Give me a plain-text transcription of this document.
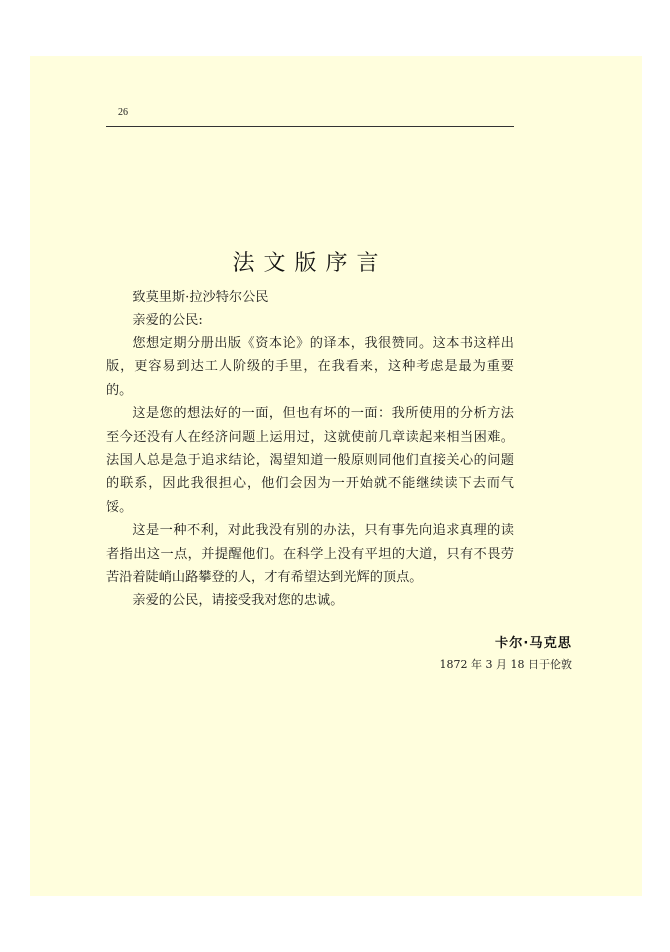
26
法文版序言

致莫里斯·拉沙特尔公民

亲爱的公民:

您想定期分册出版《资本论》的译本，我很赞同。这本书这样出版，更容易到达工人阶级的手里，在我看来，这种考虑是最为重要的。

这是您的想法好的一面，但也有坏的一面：我所使用的分析方法至今还没有人在经济问题上运用过，这就使前几章读起来相当困难。法国人总是急于追求结论，渴望知道一般原则同他们直接关心的问题的联系，因此我很担心，他们会因为一开始就不能继续读下去而气馁。

这是一种不利，对此我没有别的办法，只有事先向追求真理的读者指出这一点，并提醒他们。在科学上没有平坦的大道，只有不畏劳苦沿着陡峭山路攀登的人，才有希望达到光辉的顶点。

亲爱的公民，请接受我对您的忠诚。

卡尔·马克思
1872 年 3 月 18 日于伦敦
